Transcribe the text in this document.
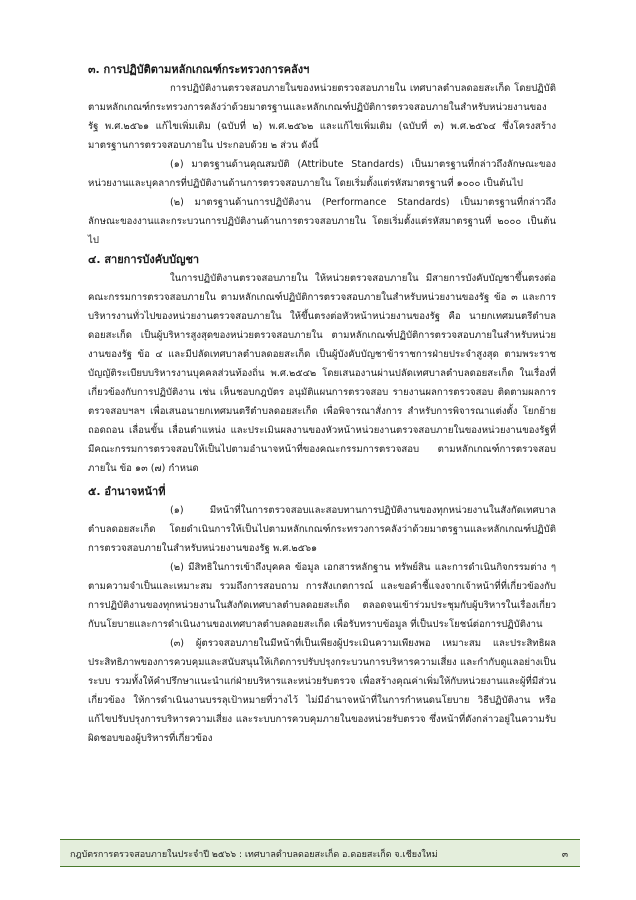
๓. การปฏิบัติตามหลักเกณฑ์กระทรวงการคลังฯ

การปฏิบัติงานตรวจสอบภายในของหน่วยตรวจสอบภายใน เทศบาลตำบลดอยสะเก็ด โดยปฏิบัติตามหลักเกณฑ์กระทรวงการคลังว่าด้วยมาตรฐานและหลักเกณฑ์ปฏิบัติการตรวจสอบภายในสำหรับหน่วยงานของรัฐ พ.ศ.๒๕๖๑ แก้ไขเพิ่มเติม (ฉบับที่ ๒) พ.ศ.๒๕๖๒ และแก้ไขเพิ่มเติม (ฉบับที่ ๓) พ.ศ.๒๕๖๔ ซึ่งโครงสร้างมาตรฐานการตรวจสอบภายใน ประกอบด้วย ๒ ส่วน ดังนี้

(๑) มาตรฐานด้านคุณสมบัติ (Attribute Standards) เป็นมาตรฐานที่กล่าวถึงลักษณะของหน่วยงานและบุคลากรที่ปฏิบัติงานด้านการตรวจสอบภายใน โดยเริ่มตั้งแต่รหัสมาตรฐานที่ ๑๐๐๐ เป็นต้นไป

(๒) มาตรฐานด้านการปฏิบัติงาน (Performance Standards) เป็นมาตรฐานที่กล่าวถึงลักษณะของงานและกระบวนการปฏิบัติงานด้านการตรวจสอบภายใน โดยเริ่มตั้งแต่รหัสมาตรฐานที่ ๒๐๐๐ เป็นต้นไป

๔. สายการบังคับบัญชา

ในการปฏิบัติงานตรวจสอบภายใน ให้หน่วยตรวจสอบภายใน มีสายการบังคับบัญชาขึ้นตรงต่อคณะกรรมการตรวจสอบภายใน ตามหลักเกณฑ์ปฏิบัติการตรวจสอบภายในสำหรับหน่วยงานของรัฐ ข้อ ๓ และการบริหารงานทั่วไปของหน่วยงานตรวจสอบภายใน ให้ขึ้นตรงต่อหัวหน้าหน่วยงานของรัฐ คือ นายกเทศมนตรีตำบลดอยสะเก็ด เป็นผู้บริหารสูงสุดของหน่วยตรวจสอบภายใน ตามหลักเกณฑ์ปฏิบัติการตรวจสอบภายในสำหรับหน่วยงานของรัฐ ข้อ ๔ และมีปลัดเทศบาลตำบลดอยสะเก็ด เป็นผู้บังคับบัญชาข้าราชการฝ่ายประจำสูงสุด ตามพระราชบัญญัติระเบียบบริหารงานบุคคลส่วนท้องถิ่น พ.ศ.๒๕๔๒ โดยเสนองานผ่านปลัดเทศบาลตำบลดอยสะเก็ด ในเรื่องที่เกี่ยวข้องกับการปฏิบัติงาน เช่น เห็นชอบกฎบัตร อนุมัติแผนการตรวจสอบ รายงานผลการตรวจสอบ ติดตามผลการตรวจสอบฯลฯ เพื่อเสนอนายกเทศมนตรีตำบลดอยสะเก็ด เพื่อพิจารณาสั่งการ สำหรับการพิจารณาแต่งตั้ง โยกย้าย ถอดถอน เลื่อนขั้น เลื่อนตำแหน่ง และประเมินผลงานของหัวหน้าหน่วยงานตรวจสอบภายในของหน่วยงานของรัฐที่มีคณะกรรมการตรวจสอบให้เป็นไปตามอำนาจหน้าที่ของคณะกรรมการตรวจสอบ ตามหลักเกณฑ์การตรวจสอบภายใน ข้อ ๑๓ (๗) กำหนด

๕. อำนาจหน้าที่

(๑) มีหน้าที่ในการตรวจสอบและสอบทานการปฏิบัติงานของทุกหน่วยงานในสังกัดเทศบาลตำบลดอยสะเก็ด โดยดำเนินการให้เป็นไปตามหลักเกณฑ์กระทรวงการคลังว่าด้วยมาตรฐานและหลักเกณฑ์ปฏิบัติการตรวจสอบภายในสำหรับหน่วยงานของรัฐ พ.ศ.๒๕๖๑

(๒) มีสิทธิในการเข้าถึงบุคคล ข้อมูล เอกสารหลักฐาน ทรัพย์สิน และการดำเนินกิจกรรมต่าง ๆ ตามความจำเป็นและเหมาะสม รวมถึงการสอบถาม การสังเกตการณ์ และขอคำชี้แจงจากเจ้าหน้าที่ที่เกี่ยวข้องกับการปฏิบัติงานของทุกหน่วยงานในสังกัดเทศบาลตำบลดอยสะเก็ด ตลอดจนเข้าร่วมประชุมกับผู้บริหารในเรื่องเกี่ยวกับนโยบายและการดำเนินงานของเทศบาลตำบลดอยสะเก็ด เพื่อรับทราบข้อมูล ที่เป็นประโยชน์ต่อการปฏิบัติงาน

(๓) ผู้ตรวจสอบภายในมีหน้าที่เป็นเพียงผู้ประเมินความเพียงพอ เหมาะสม และประสิทธิผล ประสิทธิภาพของการควบคุมและสนับสนุนให้เกิดการปรับปรุงกระบวนการบริหารความเสี่ยง และกำกับดูแลอย่างเป็นระบบ รวมทั้งให้คำปรึกษาแนะนำแก่ฝ่ายบริหารและหน่วยรับตรวจ เพื่อสร้างคุณค่าเพิ่มให้กับหน่วยงานและผู้ที่มีส่วนเกี่ยวข้อง ให้การดำเนินงานบรรลุเป้าหมายที่วางไว้ ไม่มีอำนาจหน้าที่ในการกำหนดนโยบาย วิธีปฏิบัติงาน หรือแก้ไขปรับปรุงการบริหารความเสี่ยง และระบบการควบคุมภายในของหน่วยรับตรวจ ซึ่งหน้าที่ดังกล่าวอยู่ในความรับผิดชอบของผู้บริหารที่เกี่ยวข้อง

กฎบัตรการตรวจสอบภายในประจำปี ๒๕๖๖ : เทศบาลตำบลดอยสะเก็ด อ.ดอยสะเก็ด จ.เชียงใหม่	๓
